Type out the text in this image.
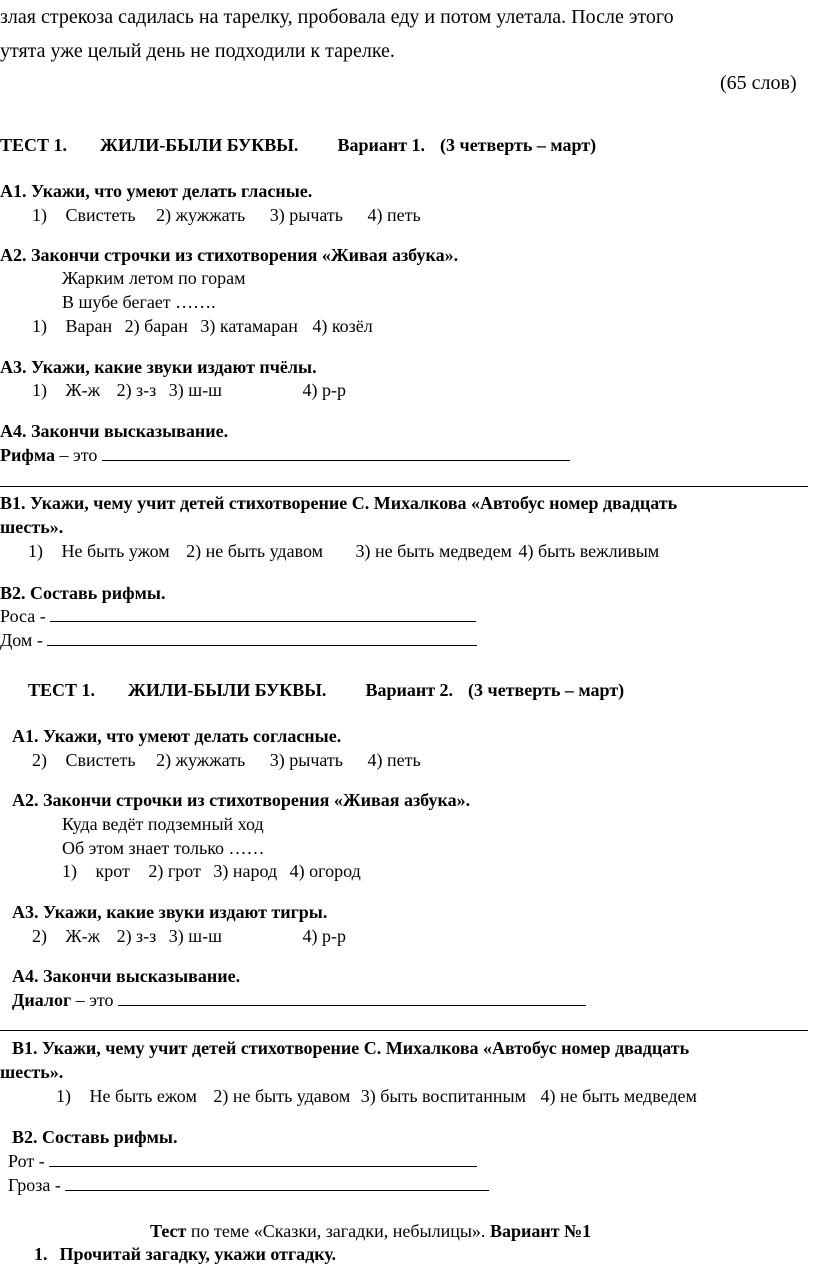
злая стрекоза садилась на тарелку, пробовала еду и потом улетала. После этого
утята уже целый день не подходили к тарелке.
(65 слов)
ТЕСТ 1. ЖИЛИ-БЫЛИ БУКВЫ. Вариант 1. (3 четверть – март)
А1. Укажи, что умеют делать гласные.
1) Свистеть 2) жужжать 3) рычать 4) петь
А2. Закончи строчки из стихотворения «Живая азбука».
Жарким летом по горам
В шубе бегает …….
1) Варан 2) баран 3) катамаран 4) козёл
А3. Укажи, какие звуки издают пчёлы.
1) Ж-ж 2) з-з 3) ш-ш	4) р-р
А4. Закончи высказывание.
Рифма – это
В1. Укажи, чему учит детей стихотворение С. Михалкова «Автобус номер двадцать
шесть».
1) Не быть ужом 2) не быть удавом 3) не быть медведем 4) быть вежливым
В2. Составь рифмы.
Роса -
Дом -
ТЕСТ 1. ЖИЛИ-БЫЛИ БУКВЫ. Вариант 2. (3 четверть – март)
А1. Укажи, что умеют делать согласные.
2) Свистеть 2) жужжать 3) рычать 4) петь
А2. Закончи строчки из стихотворения «Живая азбука».
Куда ведёт подземный ход
Об этом знает только ……
1) крот 2) грот 3) народ 4) огород
А3. Укажи, какие звуки издают тигры.
2) Ж-ж 2) з-з 3) ш-ш	4) р-р
А4. Закончи высказывание.
Диалог – это
В1. Укажи, чему учит детей стихотворение С. Михалкова «Автобус номер двадцать
шесть».
1) Не быть ежом 2) не быть удавом 3) быть воспитанным 4) не быть медведем
В2. Составь рифмы.
Рот -
Гроза -
Тест по теме «Сказки, загадки, небылицы». Вариант №1
1. Прочитай загадку, укажи отгадку.
